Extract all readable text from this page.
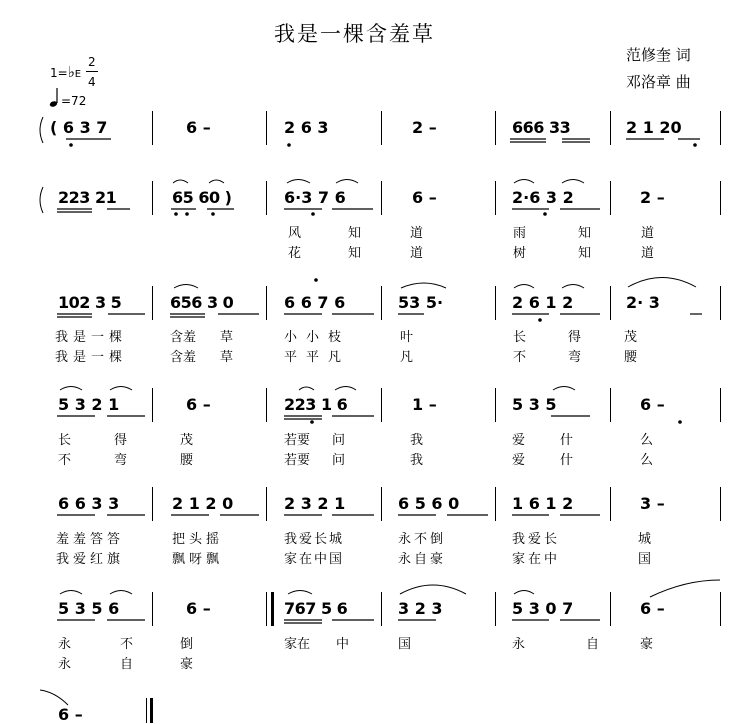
我是一棵含羞草
范修奎 词
邓洛章 曲
1=♭E
2
4
=72
( 6 3 7	6 –	2 6 3	2 –	666 33	2 1 20
223 21	65 60 )	6·3 7 6	6 –	2·6 3 2	2 –
风	知	道	雨	知	道
花	知	道	树	知	道
102 3 5	656 3 0	6 6 7 6	53 5·	2 6 1 2	2· 3
我是一棵	含羞 草	小小枝	叶	长	得	茂
我是一棵	含羞 草	平平凡	凡	不	弯	腰
5 3 2 1	6 –	223 1 6	1 –	5 3 5	6 –
长	得	茂	若要 问	我	爱	什	么
不	弯	腰	若要 问	我	爱	什	么
6 6 3 3	2 1 2 0	2 3 2 1	6 5 6 0	1 6 1 2	3 –
羞羞答答	把头摇	我爱长城	永不倒	我爱长	城
我爱红旗	飘呀飘	家在中国	永自豪	家在中	国
5 3 5 6	6 –	767 5 6	3 2 3	5 3 0 7	6 –
永	不	倒	家在 中	国	永	自	豪
永	自	豪
6 –
